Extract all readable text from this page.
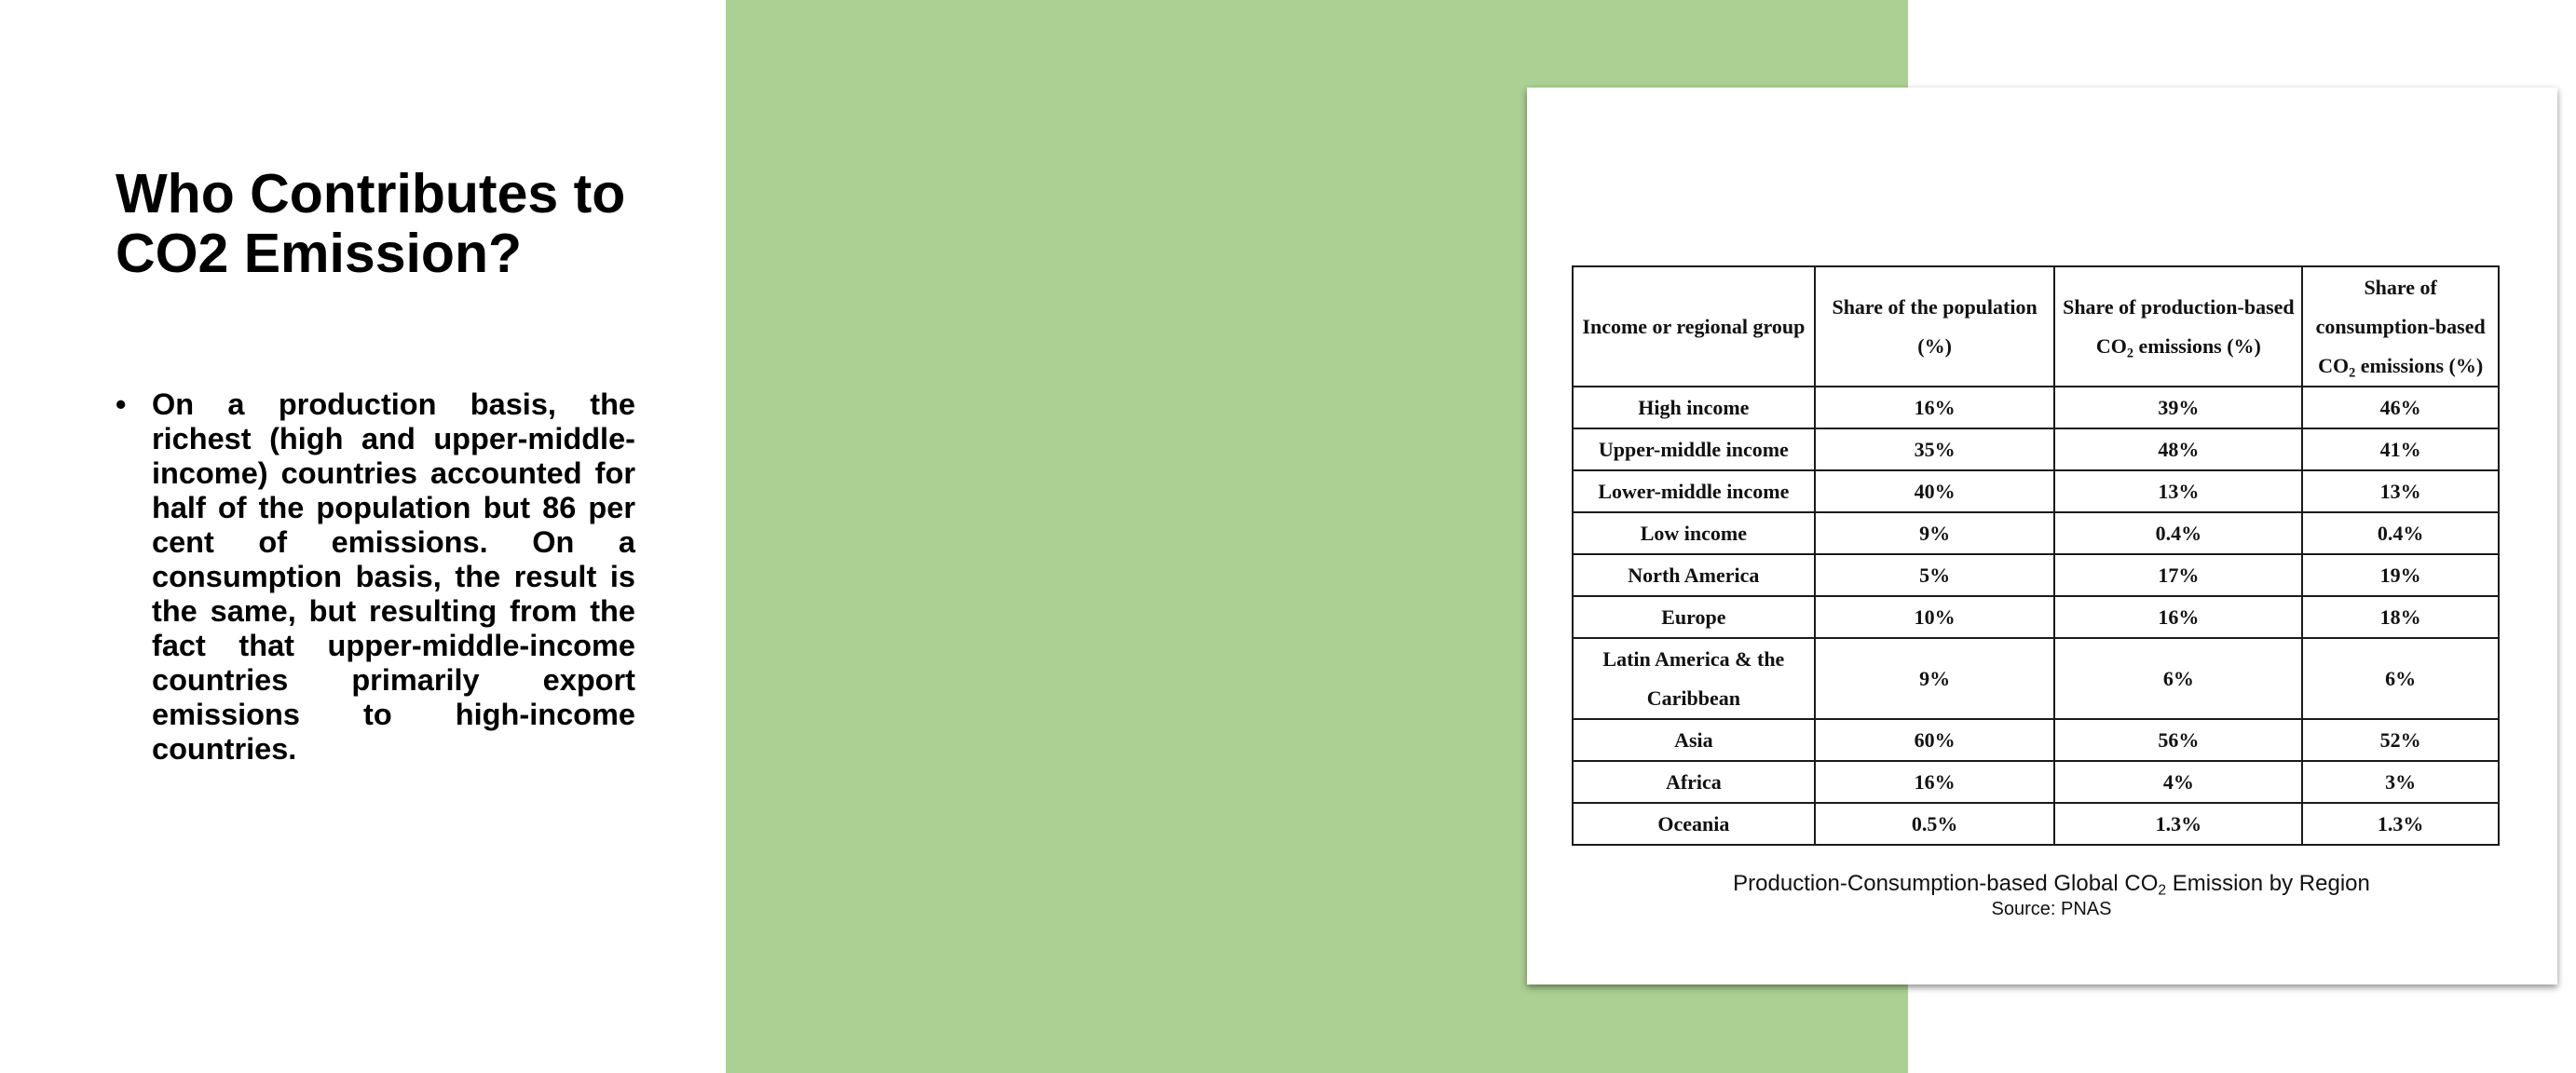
Who Contributes to CO2 Emission?
• On a production basis, the richest (high and upper-middle-income) countries accounted for half of the population but 86 per cent of emissions. On a consumption basis, the result is the same, but resulting from the fact that upper-middle-income countries primarily export emissions to high-income countries.
Income or regional group	Share of the population (%)	Share of production-based $CO_2$ emissions (%)	Share of consumption-based $CO_2$ emissions (%)
High income	16%	39%	46%
Upper-middle income	35%	48%	41%
Lower-middle income	40%	13%	13%
Low income	9%	0.4%	0.4%
North America	5%	17%	19%
Europe	10%	16%	18%
Latin America & the Caribbean	9%	6%	6%
Asia	60%	56%	52%
Africa	16%	4%	3%
Oceania	0.5%	1.3%	1.3%
Production-Consumption-based Global $CO_2$ Emission by Region
Source: PNAS
